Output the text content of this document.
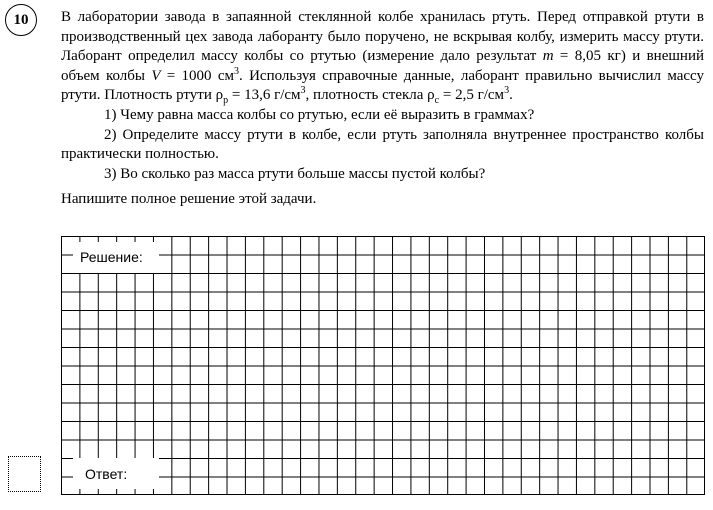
10	В лаборатории завода в запаянной стеклянной колбе хранилась ртуть. Перед отправкой ртути в производственный цех завода лаборанту было поручено, не вскрывая колбу, измерить массу ртути. Лаборант определил массу колбы со ртутью (измерение дало результат m = 8,05 кг) и внешний объем колбы V = 1000 $см^3$. Используя справочные данные, лаборант правильно вычислил массу ртути. Плотность ртути $\rho_р = 13,6$ $г/см^3$, плотность стекла $\rho_с = 2,5$ $г/см^3$.

1) Чему равна масса колбы со ртутью, если её выразить в граммах?

2) Определите массу ртути в колбе, если ртуть заполняла внутреннее пространство колбы практически полностью.

3) Во сколько раз масса ртути больше массы пустой колбы?

Напишите полное решение этой задачи.

Решение:
Ответ:
